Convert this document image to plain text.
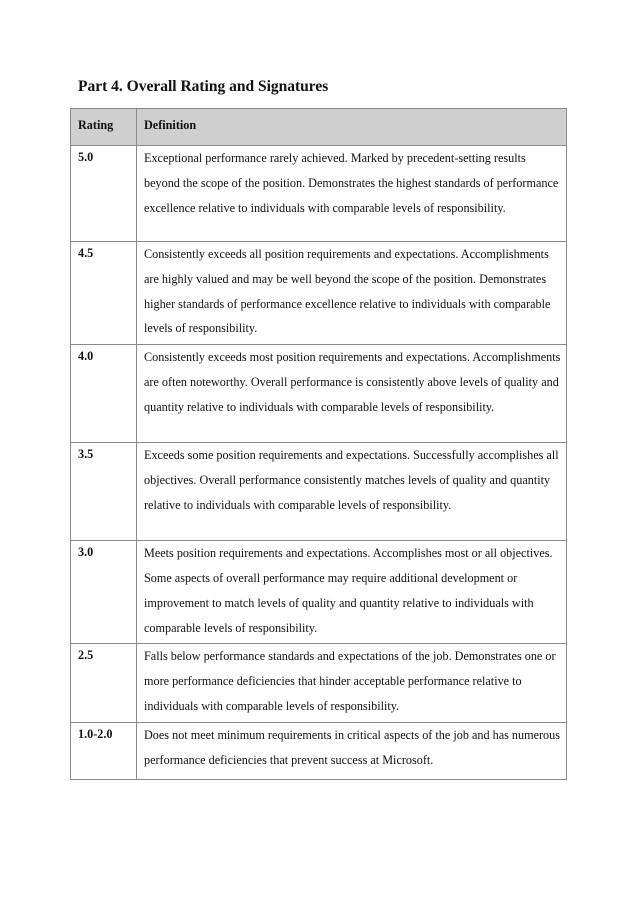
Part 4. Overall Rating and Signatures
Rating	Definition

5.0	Exceptional performance rarely achieved. Marked by precedent-setting results beyond the scope of the position. Demonstrates the highest standards of performance excellence relative to individuals with comparable levels of responsibility.

4.5	Consistently exceeds all position requirements and expectations. Accomplishments are highly valued and may be well beyond the scope of the position. Demonstrates higher standards of performance excellence relative to individuals with comparable levels of responsibility.

4.0	Consistently exceeds most position requirements and expectations. Accomplishments are often noteworthy. Overall performance is consistently above levels of quality and quantity relative to individuals with comparable levels of responsibility.

3.5	Exceeds some position requirements and expectations. Successfully accomplishes all objectives. Overall performance consistently matches levels of quality and quantity relative to individuals with comparable levels of responsibility.

3.0	Meets position requirements and expectations. Accomplishes most or all objectives. Some aspects of overall performance may require additional development or improvement to match levels of quality and quantity relative to individuals with comparable levels of responsibility.

2.5	Falls below performance standards and expectations of the job. Demonstrates one or more performance deficiencies that hinder acceptable performance relative to individuals with comparable levels of responsibility.

1.0-2.0	Does not meet minimum requirements in critical aspects of the job and has numerous performance deficiencies that prevent success at Microsoft.
